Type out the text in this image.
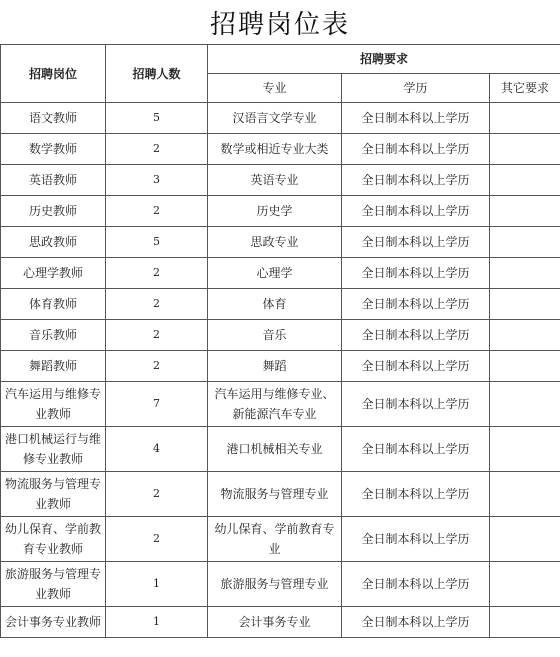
招聘岗位表
招聘岗位	招聘人数	招聘要求		
		专业	学历	其它要求
语文教师	5	汉语言文学专业	全日制本科以上学历	
数学教师	2	数学或相近专业大类	全日制本科以上学历	
英语教师	3	英语专业	全日制本科以上学历	
历史教师	2	历史学	全日制本科以上学历	
思政教师	5	思政专业	全日制本科以上学历	
心理学教师	2	心理学	全日制本科以上学历	
体育教师	2	体育	全日制本科以上学历	
音乐教师	2	音乐	全日制本科以上学历	
舞蹈教师	2	舞蹈	全日制本科以上学历	
汽车运用与维修专业教师	7	汽车运用与维修专业、新能源汽车专业	全日制本科以上学历	
港口机械运行与维修专业教师	4	港口机械相关专业	全日制本科以上学历	
物流服务与管理专业教师	2	物流服务与管理专业	全日制本科以上学历	
幼儿保育、学前教育专业教师	2	幼儿保育、学前教育专业	全日制本科以上学历	
旅游服务与管理专业教师	1	旅游服务与管理专业	全日制本科以上学历	
会计事务专业教师	1	会计事务专业	全日制本科以上学历	
